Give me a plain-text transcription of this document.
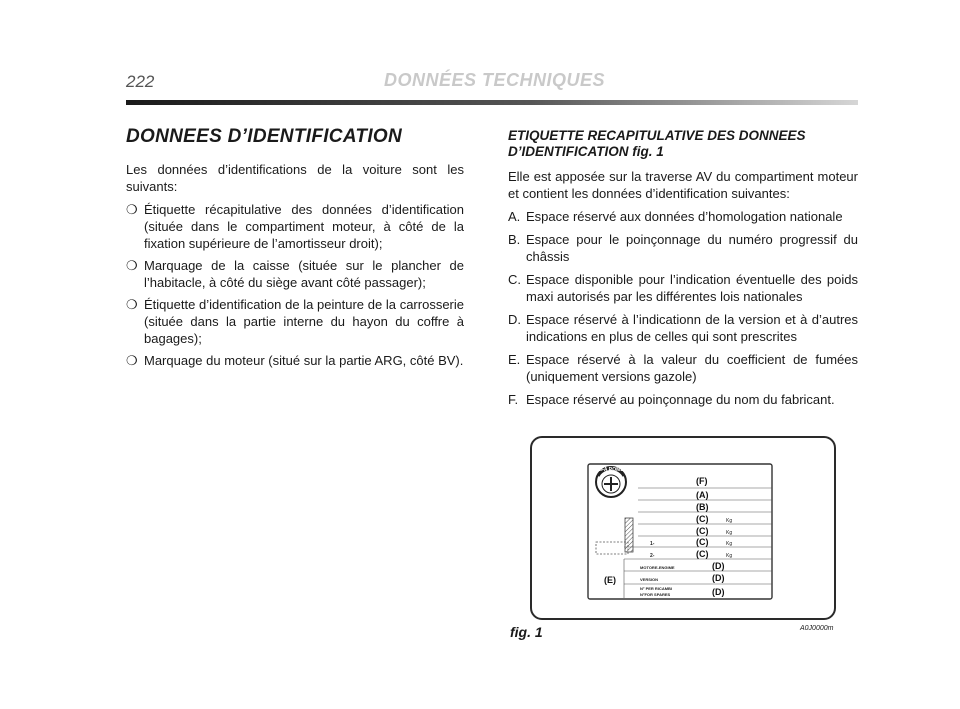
222	DONNÉES TECHNIQUES
DONNEES D’IDENTIFICATION

Les données d’identifications de la voiture sont les suivants:

❍ Étiquette récapitulative des données d’identification (située dans le compartiment moteur, à côté de la fixation supérieure de l’amortisseur droit);
❍ Marquage de la caisse (située sur le plancher de l’habitacle, à côté du siège avant côté passager);
❍ Étiquette d’identification de la peinture de la carrosserie (située dans la partie interne du hayon du coffre à bagages);
❍ Marquage du moteur (situé sur la partie ARG, côté BV).
ETIQUETTE RECAPITULATIVE DES DONNEES D’IDENTIFICATION fig. 1

Elle est apposée sur la traverse AV du compartiment moteur et contient les données d’identification suivantes:

A. Espace réservé aux données d’homologation nationale
B. Espace pour le poinçonnage du numéro progressif du châssis
C. Espace disponible pour l’indication éventuelle des poids maxi autorisés par les différentes lois nationales
D. Espace réservé à l’indicationn de la version et à d’autres indications en plus de celles qui sont prescrites
E. Espace réservé à la valeur du coefficient de fumées (uniquement versions gazole)
F. Espace réservé au poinçonnage du nom du fabricant.
ALFA ROMEO
(F)
(A)
(B)
(C)
(C)
(C)
(C)
(D)
(D)
(D)
(E)
Kg
Kg
Kg
Kg
1-
2-
MOTORE-ENGIME
VERSION
N° PER RICAMBI
N°FOR SPARES
fig. 1	A0J0000m
